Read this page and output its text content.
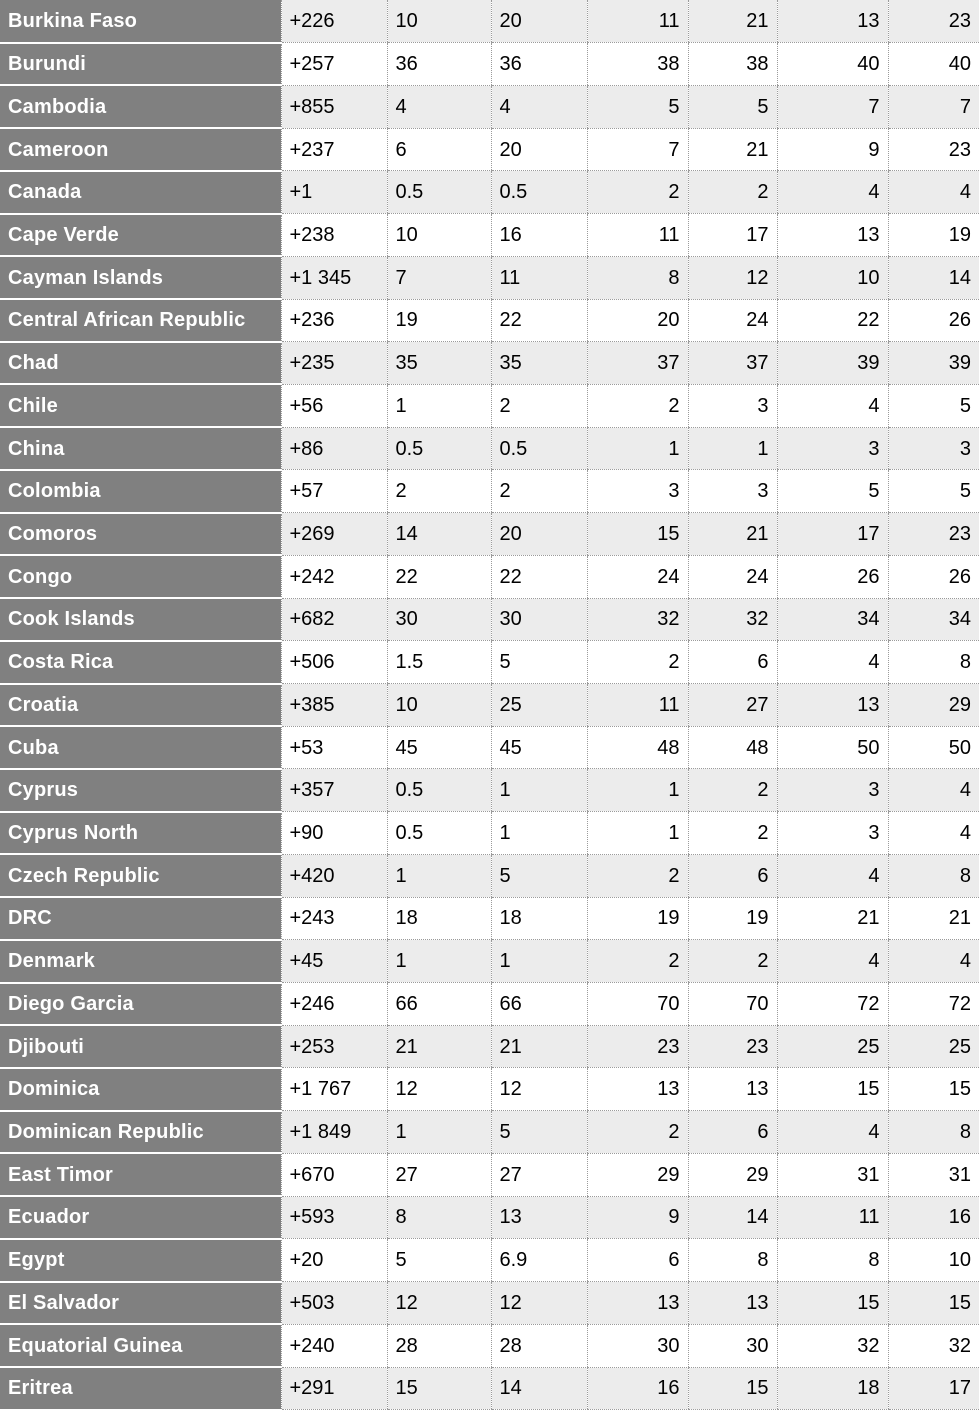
Burkina Faso	+226	10	20	11	21	13	23
Burundi	+257	36	36	38	38	40	40
Cambodia	+855	4	4	5	5	7	7
Cameroon	+237	6	20	7	21	9	23
Canada	+1	0.5	0.5	2	2	4	4
Cape Verde	+238	10	16	11	17	13	19
Cayman Islands	+1 345	7	11	8	12	10	14
Central African Republic	+236	19	22	20	24	22	26
Chad	+235	35	35	37	37	39	39
Chile	+56	1	2	2	3	4	5
China	+86	0.5	0.5	1	1	3	3
Colombia	+57	2	2	3	3	5	5
Comoros	+269	14	20	15	21	17	23
Congo	+242	22	22	24	24	26	26
Cook Islands	+682	30	30	32	32	34	34
Costa Rica	+506	1.5	5	2	6	4	8
Croatia	+385	10	25	11	27	13	29
Cuba	+53	45	45	48	48	50	50
Cyprus	+357	0.5	1	1	2	3	4
Cyprus North	+90	0.5	1	1	2	3	4
Czech Republic	+420	1	5	2	6	4	8
DRC	+243	18	18	19	19	21	21
Denmark	+45	1	1	2	2	4	4
Diego Garcia	+246	66	66	70	70	72	72
Djibouti	+253	21	21	23	23	25	25
Dominica	+1 767	12	12	13	13	15	15
Dominican Republic	+1 849	1	5	2	6	4	8
East Timor	+670	27	27	29	29	31	31
Ecuador	+593	8	13	9	14	11	16
Egypt	+20	5	6.9	6	8	8	10
El Salvador	+503	12	12	13	13	15	15
Equatorial Guinea	+240	28	28	30	30	32	32
Eritrea	+291	15	14	16	15	18	17
